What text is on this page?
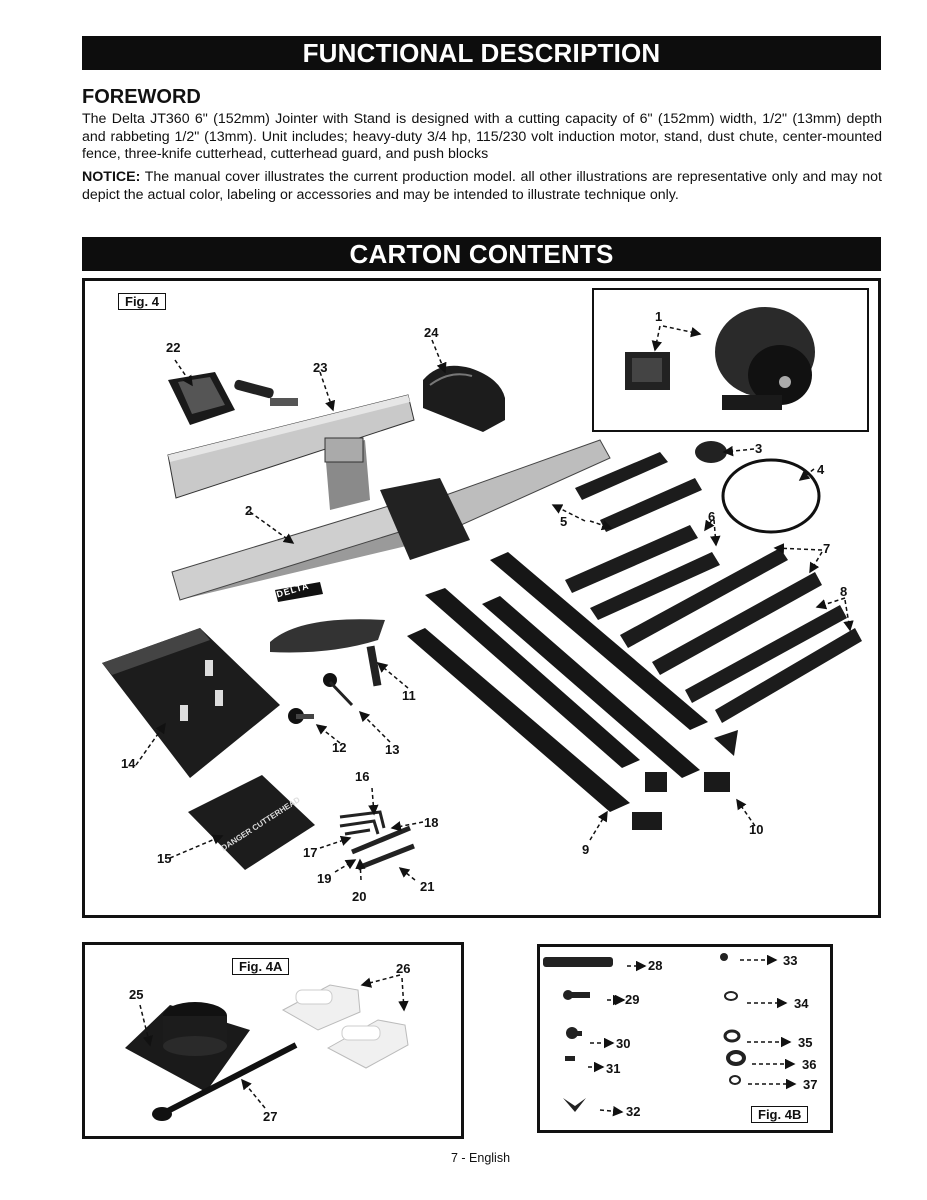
FUNCTIONAL DESCRIPTION
FOREWORD
The Delta JT360 6" (152mm) Jointer with Stand is designed with a cutting capacity of 6" (152mm) width, 1/2" (13mm) depth and rabbeting 1/2" (13mm). Unit includes; heavy-duty 3/4 hp, 115/230 volt induction motor, stand, dust chute, center-mounted fence, three-knife cutterhead, cutterhead guard, and push blocks
NOTICE: The manual cover illustrates the current production model. all other illustrations are representative only and may not depict the actual color, labeling or accessories and may be intended to illustrate technique only.
CARTON CONTENTS
DANGER CUTTERHEAD
Fig. 4
Fig. 4A
Fig. 4B
1
2
3
4
5	6
7
8
9
10
11
12	13
14
15
16
17
18
19
20
21
22
23
24
25
26
27
28
29
30
31
32
33
34
35
36
37
DELTA
7 - English
